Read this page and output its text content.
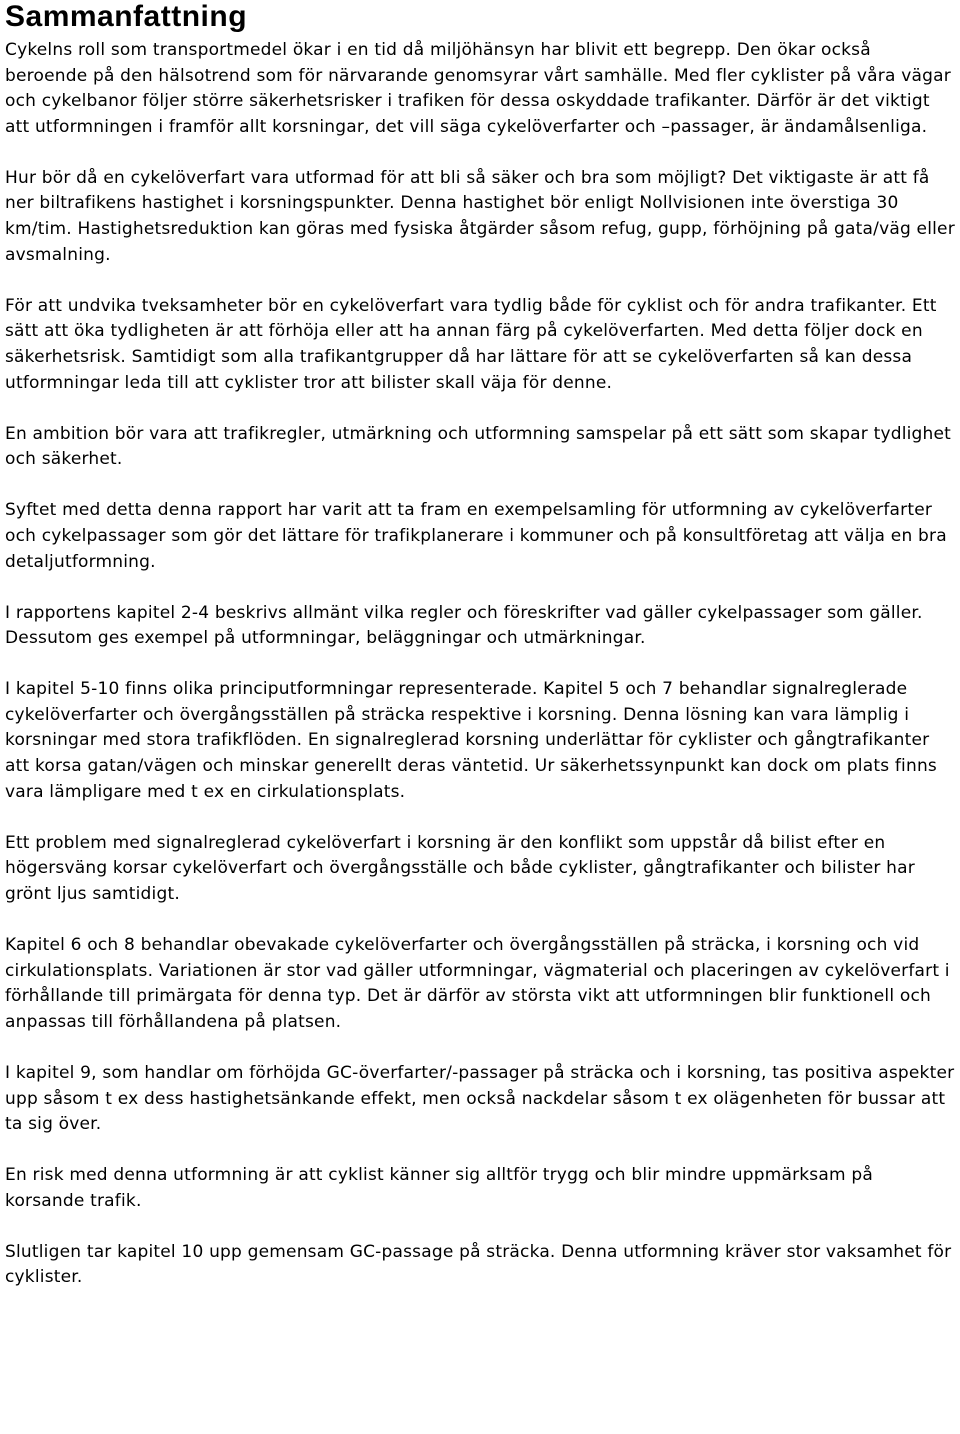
Sammanfattning

Cykelns roll som transportmedel ökar i en tid då miljöhänsyn har blivit ett begrepp. Den ökar också beroende på den hälsotrend som för närvarande genomsyrar vårt samhälle. Med fler cyklister på våra vägar och cykelbanor följer större säkerhetsrisker i trafiken för dessa oskyddade trafikanter. Därför är det viktigt att utformningen i framför allt korsningar, det vill säga cykelöverfarter och –passager, är ändamålsenliga.

Hur bör då en cykelöverfart vara utformad för att bli så säker och bra som möjligt? Det viktigaste är att få ner biltrafikens hastighet i korsningspunkter. Denna hastighet bör enligt Nollvisionen inte överstiga 30 km/tim. Hastighetsreduktion kan göras med fysiska åtgärder såsom refug, gupp, förhöjning på gata/väg eller avsmalning.

För att undvika tveksamheter bör en cykelöverfart vara tydlig både för cyklist och för andra trafikanter. Ett sätt att öka tydligheten är att förhöja eller att ha annan färg på cykelöverfarten. Med detta följer dock en säkerhetsrisk. Samtidigt som alla trafikantgrupper då har lättare för att se cykelöverfarten så kan dessa utformningar leda till att cyklister tror att bilister skall väja för denne.

En ambition bör vara att trafikregler, utmärkning och utformning samspelar på ett sätt som skapar tydlighet och säkerhet.

Syftet med detta denna rapport har varit att ta fram en exempelsamling för utformning av cykelöverfarter och cykelpassager som gör det lättare för trafikplanerare i kommuner och på konsultföretag att välja en bra detaljutformning.

I rapportens kapitel 2-4 beskrivs allmänt vilka regler och föreskrifter vad gäller cykelpassager som gäller. Dessutom ges exempel på utformningar, beläggningar och utmärkningar.

I kapitel 5-10 finns olika principutformningar representerade. Kapitel 5 och 7 behandlar signalreglerade cykelöverfarter och övergångsställen på sträcka respektive i korsning. Denna lösning kan vara lämplig i korsningar med stora trafikflöden. En signalreglerad korsning underlättar för cyklister och gångtrafikanter att korsa gatan/vägen och minskar generellt deras väntetid. Ur säkerhetssynpunkt kan dock om plats finns vara lämpligare med t ex en cirkulationsplats.

Ett problem med signalreglerad cykelöverfart i korsning är den konflikt som uppstår då bilist efter en högersväng korsar cykelöverfart och övergångsställe och både cyklister, gångtrafikanter och bilister har grönt ljus samtidigt.

Kapitel 6 och 8 behandlar obevakade cykelöverfarter och övergångsställen på sträcka, i korsning och vid cirkulationsplats. Variationen är stor vad gäller utformningar, vägmaterial och placeringen av cykelöverfart i förhållande till primärgata för denna typ. Det är därför av största vikt att utformningen blir funktionell och anpassas till förhållandena på platsen.

I kapitel 9, som handlar om förhöjda GC-överfarter/-passager på sträcka och i korsning, tas positiva aspekter upp såsom t ex dess hastighetsänkande effekt, men också nackdelar såsom t ex olägenheten för bussar att ta sig över.

En risk med denna utformning är att cyklist känner sig alltför trygg och blir mindre uppmärksam på korsande trafik.

Slutligen tar kapitel 10 upp gemensam GC-passage på sträcka. Denna utformning kräver stor vaksamhet för cyklister.
